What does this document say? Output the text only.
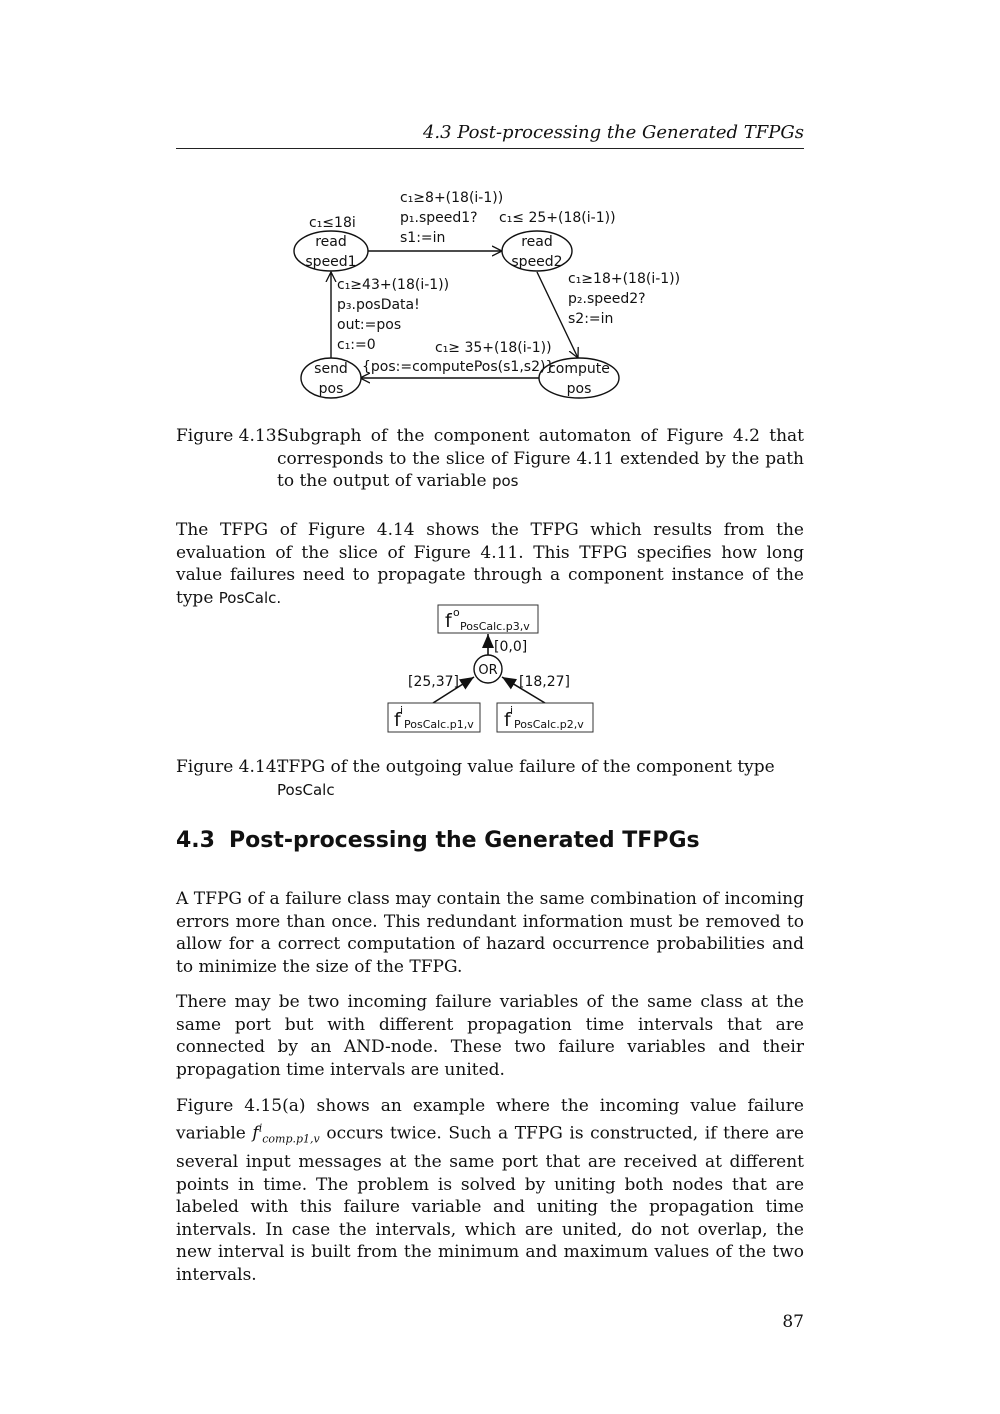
4.3 Post-processing the Generated TFPGs
read
speed1
read
speed2
send
pos
compute
pos
c₁≤18i	c₁≤ 25+(18(i-1))
c₁≥8+(18(i-1))
p₁.speed1?
s1:=in
c₁≥18+(18(i-1))
p₂.speed2?
s2:=in
c₁≥ 35+(18(i-1))
{pos:=computePos(s1,s2)}
c₁≥43+(18(i-1))
p₃.posData!
out:=pos
c₁:=0
Figure 4.13:
Subgraph of the component automaton of Figure 4.2 that corresponds to the slice of Figure 4.11 extended by the path to the output of variable pos

The TFPG of Figure 4.14 shows the TFPG which results from the evaluation of the slice of Figure 4.11. This TFPG specifies how long value failures need to propagate through a component instance of the type PosCalc.

f o
PosCalc.p3,v
OR
[0,0]
[25,37]	[18,27]
f i
PosCalc.p1,v f i
PosCalc.p2,v
Figure 4.14:
TFPG of the outgoing value failure of the component type PosCalc
4.3 Post-processing the Generated TFPGs

A TFPG of a failure class may contain the same combination of incoming errors more than once. This redundant information must be removed to allow for a correct computation of hazard occurrence probabilities and to minimize the size of the TFPG.

There may be two incoming failure variables of the same class at the same port but with different propagation time intervals that are connected by an AND-node. These two failure variables and their propagation time intervals are united.

Figure 4.15(a) shows an example where the incoming value failure variable $f^i_{comp.p1,v}$ occurs twice. Such a TFPG is constructed, if there are several input messages at the same port that are received at different points in time. The problem is solved by uniting both nodes that are labeled with this failure variable and uniting the propagation time intervals. In case the intervals, which are united, do not overlap, the new interval is built from the minimum and maximum values of the two intervals.

87
